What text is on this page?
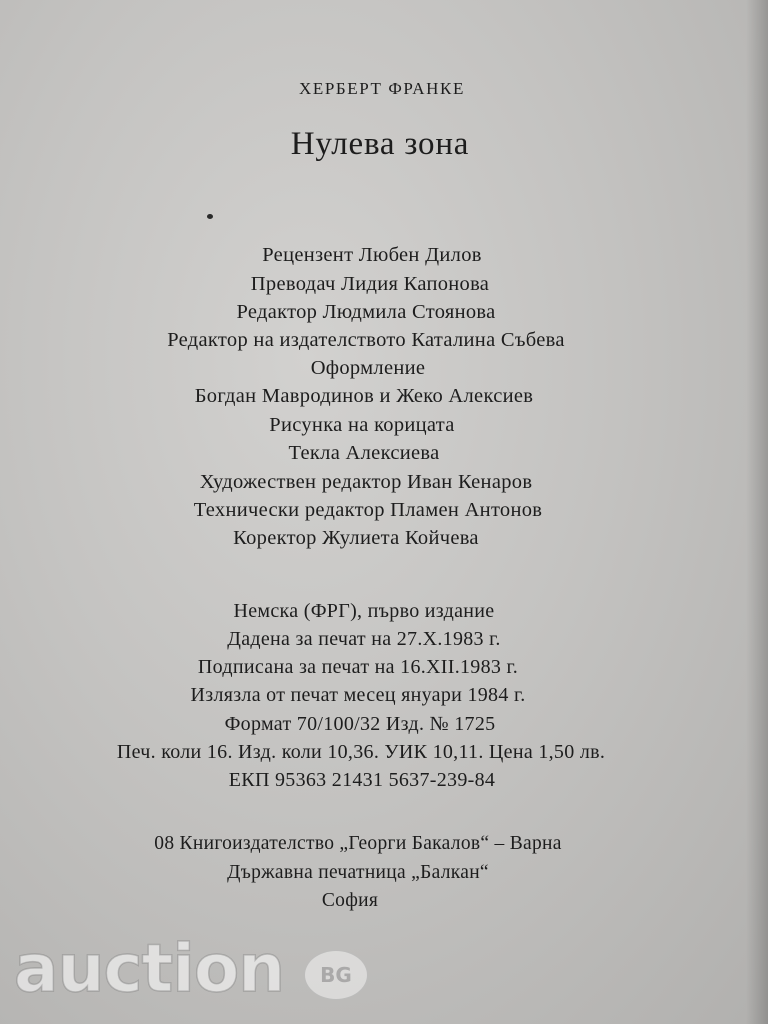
ХЕРБЕРТ ФРАНКЕ
Нулева зона
Рецензент Любен Дилов
Преводач Лидия Капонова
Редактор Людмила Стоянова
Редактор на издателството Каталина Събева
Оформление
Богдан Мавродинов и Жеко Алексиев
Рисунка на корицата
Текла Алексиева
Художествен редактор Иван Кенаров
Технически редактор Пламен Антонов
Коректор Жулиета Койчева
Немска (ФРГ), първо издание
Дадена за печат на 27.X.1983 г.
Подписана за печат на 16.XII.1983 г.
Излязла от печат месец януари 1984 г.
Формат 70/100/32 Изд. № 1725
Печ. коли 16. Изд. коли 10,36. УИК 10,11. Цена 1,50 лв.
ЕКП 95363 21431 5637-239-84
08 Книгоиздателство „Георги Бакалов“ – Варна
Държавна печатница „Балкан“
София
auction	BG
